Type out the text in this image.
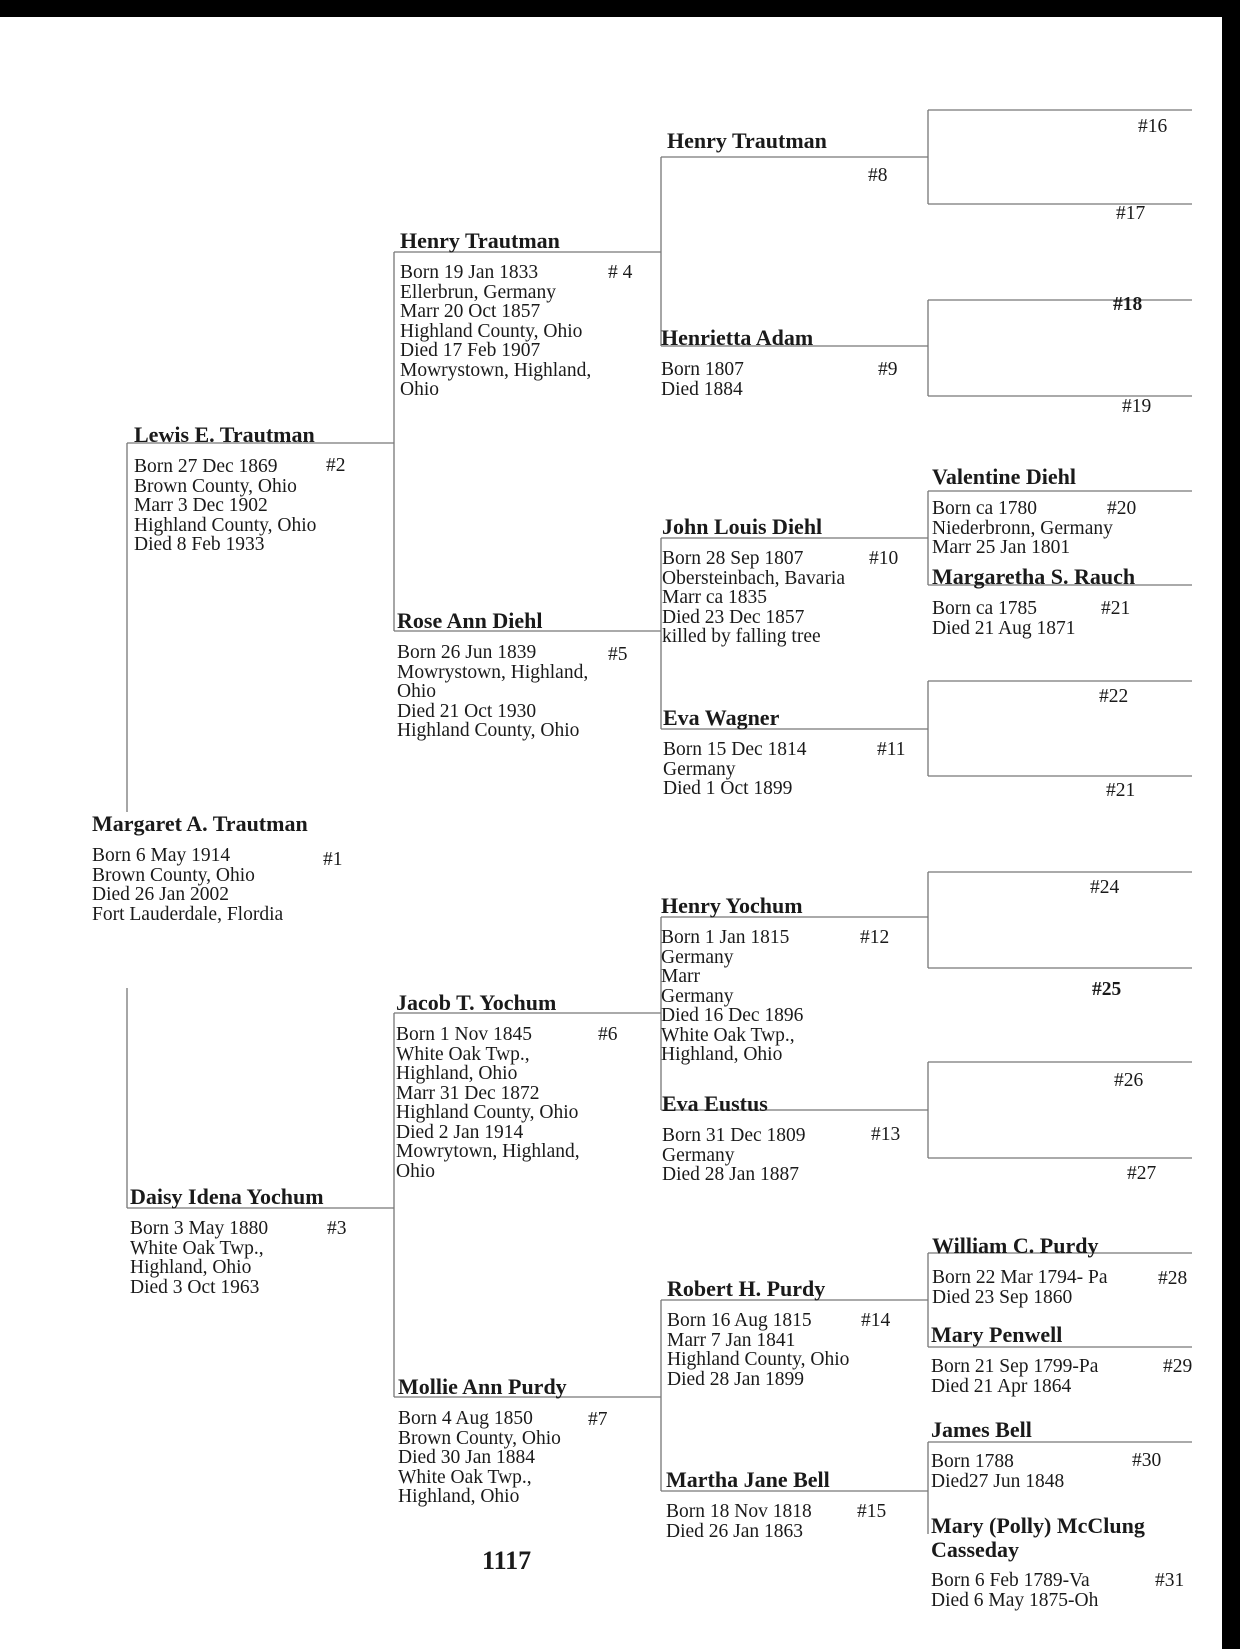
Margaret A. Trautman
Born 6 May 1914
Brown County, Ohio
Died 26 Jan 2002
Fort Lauderdale, Flordia
#1
Lewis E. Trautman
Born 27 Dec 1869
Brown County, Ohio
Marr 3 Dec 1902
Highland County, Ohio
Died 8 Feb 1933
#2
Daisy Idena Yochum
Born 3 May 1880
White Oak Twp.,
Highland, Ohio
Died 3 Oct 1963
#3
Henry Trautman
Born 19 Jan 1833
Ellerbrun, Germany
Marr 20 Oct 1857
Highland County, Ohio
Died 17 Feb 1907
Mowrystown, Highland,
Ohio
# 4
Rose Ann Diehl
Born 26 Jun 1839
Mowrystown, Highland,
Ohio
Died 21 Oct 1930
Highland County, Ohio
#5
Jacob T. Yochum
Born 1 Nov 1845
White Oak Twp.,
Highland, Ohio
Marr 31 Dec 1872
Highland County, Ohio
Died 2 Jan 1914
Mowrytown, Highland,
Ohio
#6
Mollie Ann Purdy
Born 4 Aug 1850
Brown County, Ohio
Died 30 Jan 1884
White Oak Twp.,
Highland, Ohio
#7
Henry Trautman
#8
Henrietta Adam
Born 1807
Died 1884
#9
John Louis Diehl
Born 28 Sep 1807
Obersteinbach, Bavaria
Marr ca 1835
Died 23 Dec 1857
killed by falling tree
#10
Eva Wagner
Born 15 Dec 1814
Germany
Died 1 Oct 1899
#11
Henry Yochum
Born 1 Jan 1815
Germany
Marr
Germany
Died 16 Dec 1896
White Oak Twp.,
Highland, Ohio
#12
Eva Eustus
Born 31 Dec 1809
Germany
Died 28 Jan 1887
#13
Robert H. Purdy
Born 16 Aug 1815
Marr 7 Jan 1841
Highland County, Ohio
Died 28 Jan 1899
#14
Martha Jane Bell
Born 18 Nov 1818
Died 26 Jan 1863
#15
Valentine Diehl
Born ca 1780
Niederbronn, Germany
Marr 25 Jan 1801
#20
Margaretha S. Rauch
Born ca 1785
Died 21 Aug 1871
#21
William C. Purdy
Born 22 Mar 1794- Pa
Died 23 Sep 1860
#28
Mary Penwell
Born 21 Sep 1799-Pa
Died 21 Apr 1864
#29
James Bell
Born 1788
Died27 Jun 1848
#30
Mary (Polly) McClung
Casseday
Born 6 Feb 1789-Va
Died 6 May 1875-Oh
#31
#16
#17
#18
#19
#22
#21
#24
#25
#26
#27
1117
